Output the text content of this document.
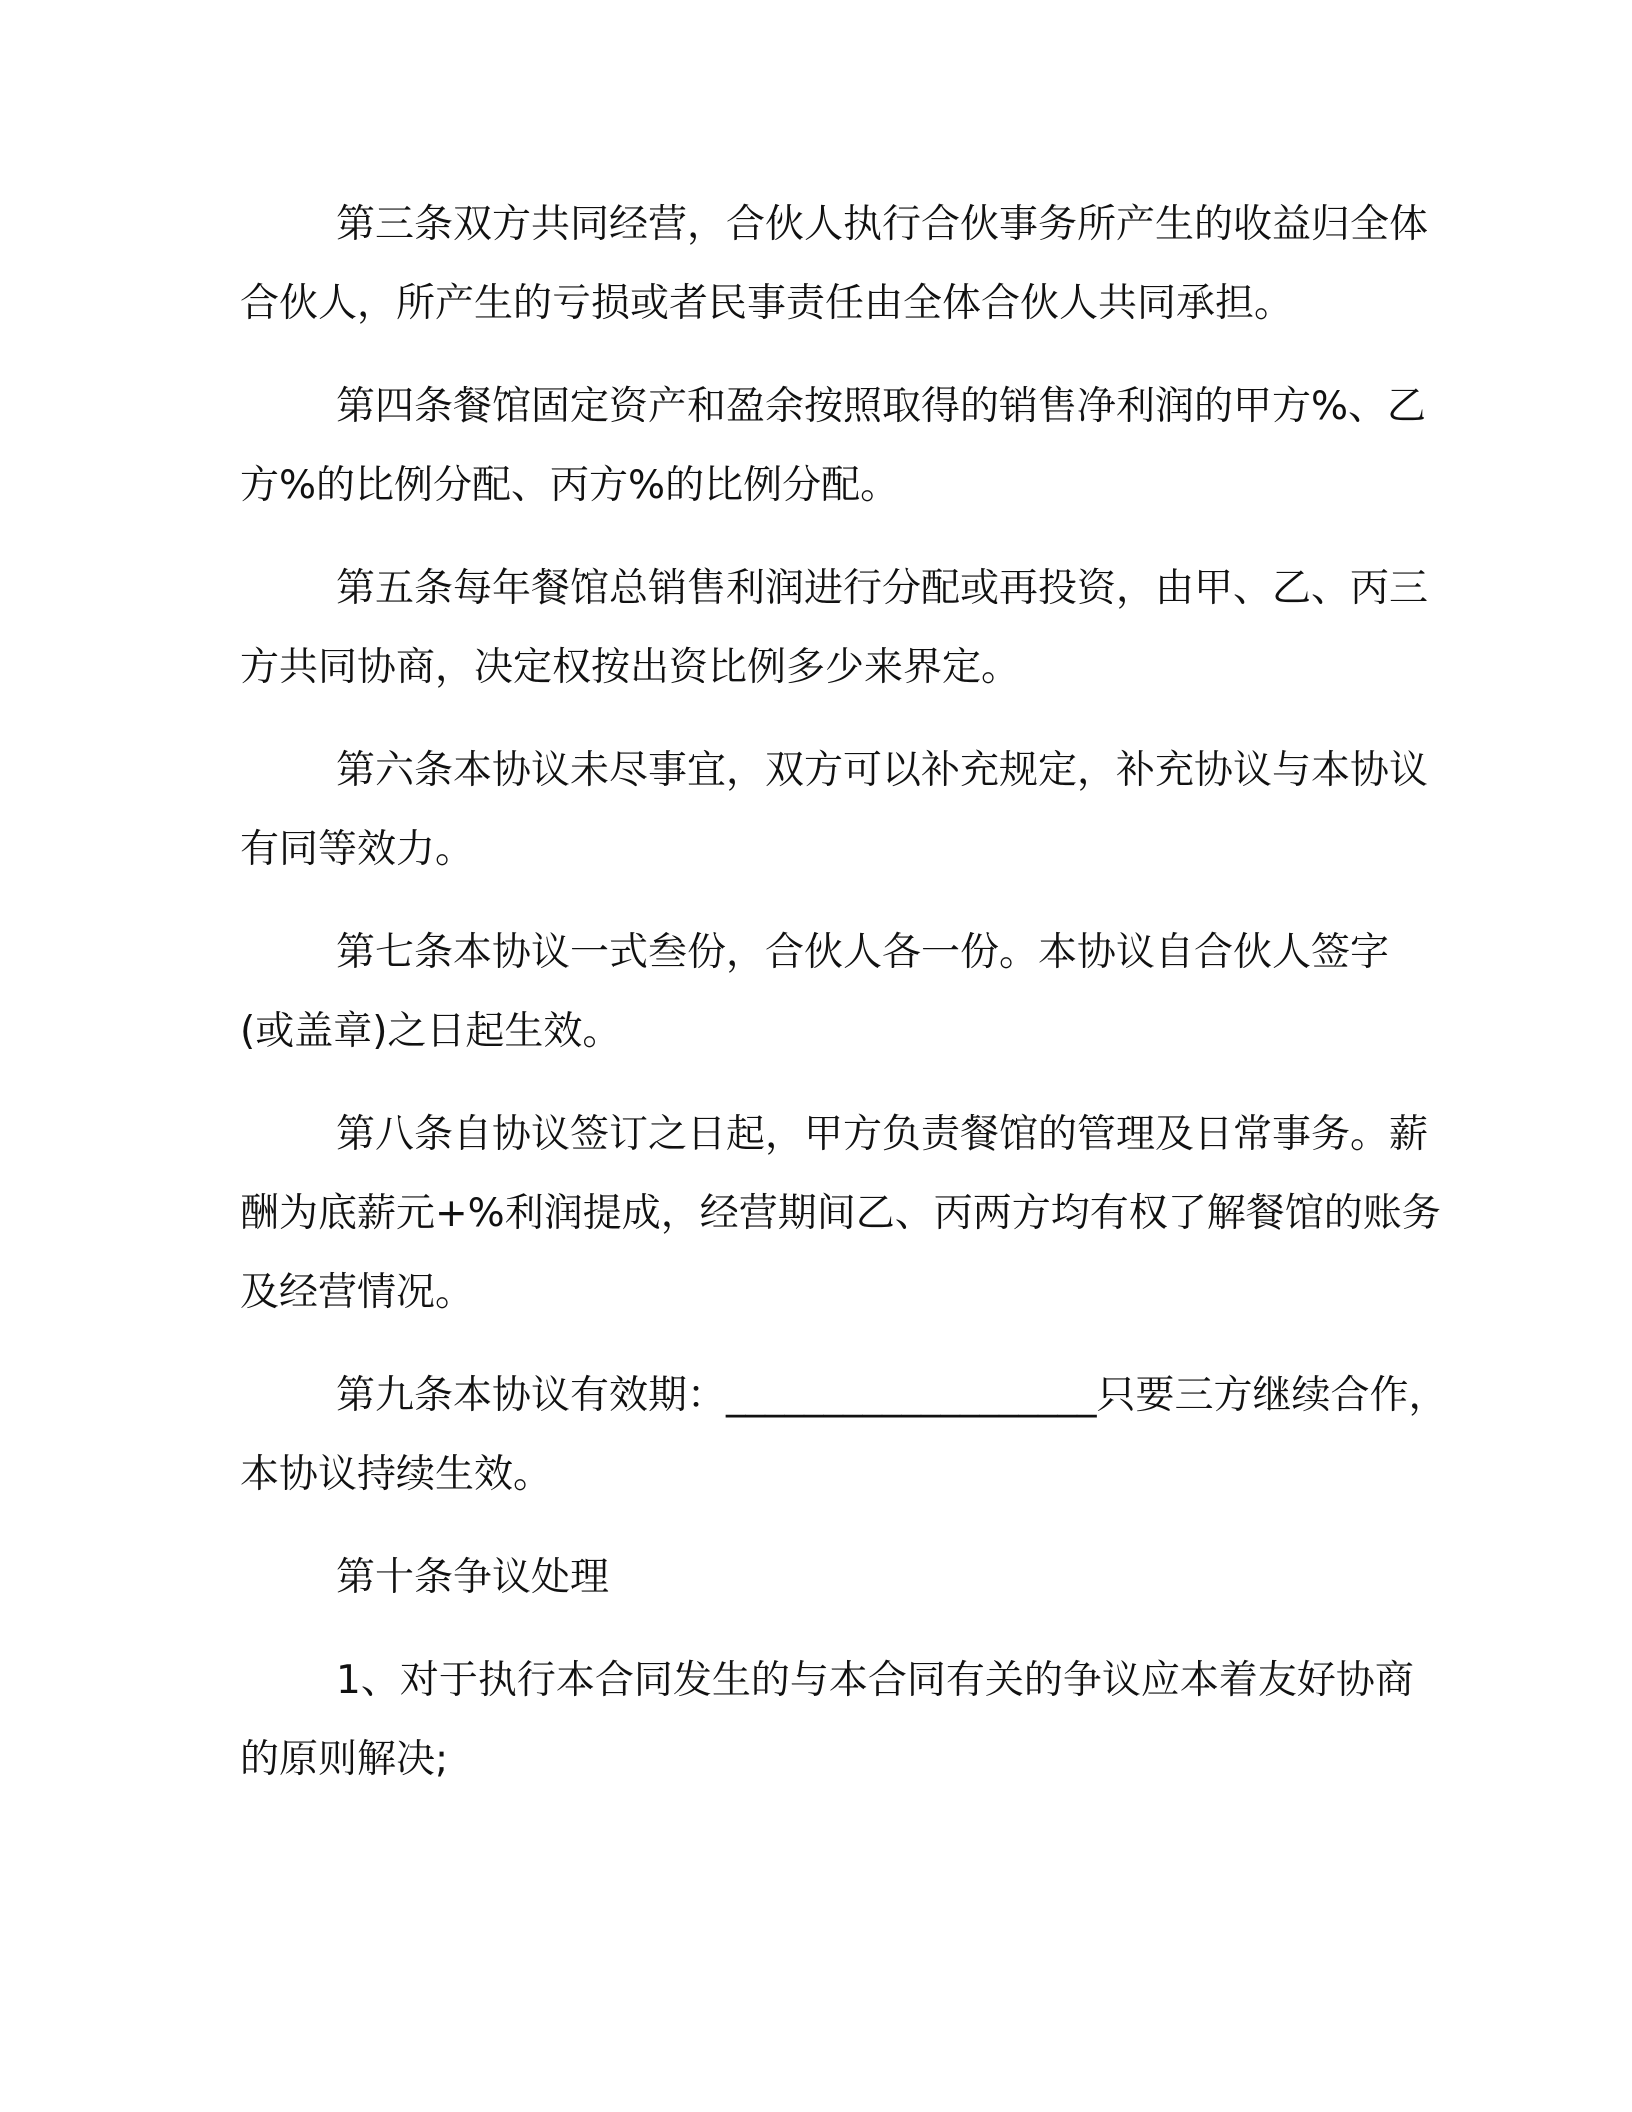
第三条双方共同经营，合伙人执行合伙事务所产生的收益归全体
合伙人，所产生的亏损或者民事责任由全体合伙人共同承担。
第四条餐馆固定资产和盈余按照取得的销售净利润的甲方%、乙
方%的比例分配、丙方%的比例分配。
第五条每年餐馆总销售利润进行分配或再投资，由甲、乙、丙三
方共同协商，决定权按出资比例多少来界定。
第六条本协议未尽事宜，双方可以补充规定，补充协议与本协议
有同等效力。
第七条本协议一式叁份，合伙人各一份。本协议自合伙人签字
(或盖章)之日起生效。
第八条自协议签订之日起，甲方负责餐馆的管理及日常事务。薪
酬为底薪元+%利润提成，经营期间乙、丙两方均有权了解餐馆的账务
及经营情况。
第九条本协议有效期：___________________只要三方继续合作，
本协议持续生效。
第十条争议处理
1、对于执行本合同发生的与本合同有关的争议应本着友好协商
的原则解决;
